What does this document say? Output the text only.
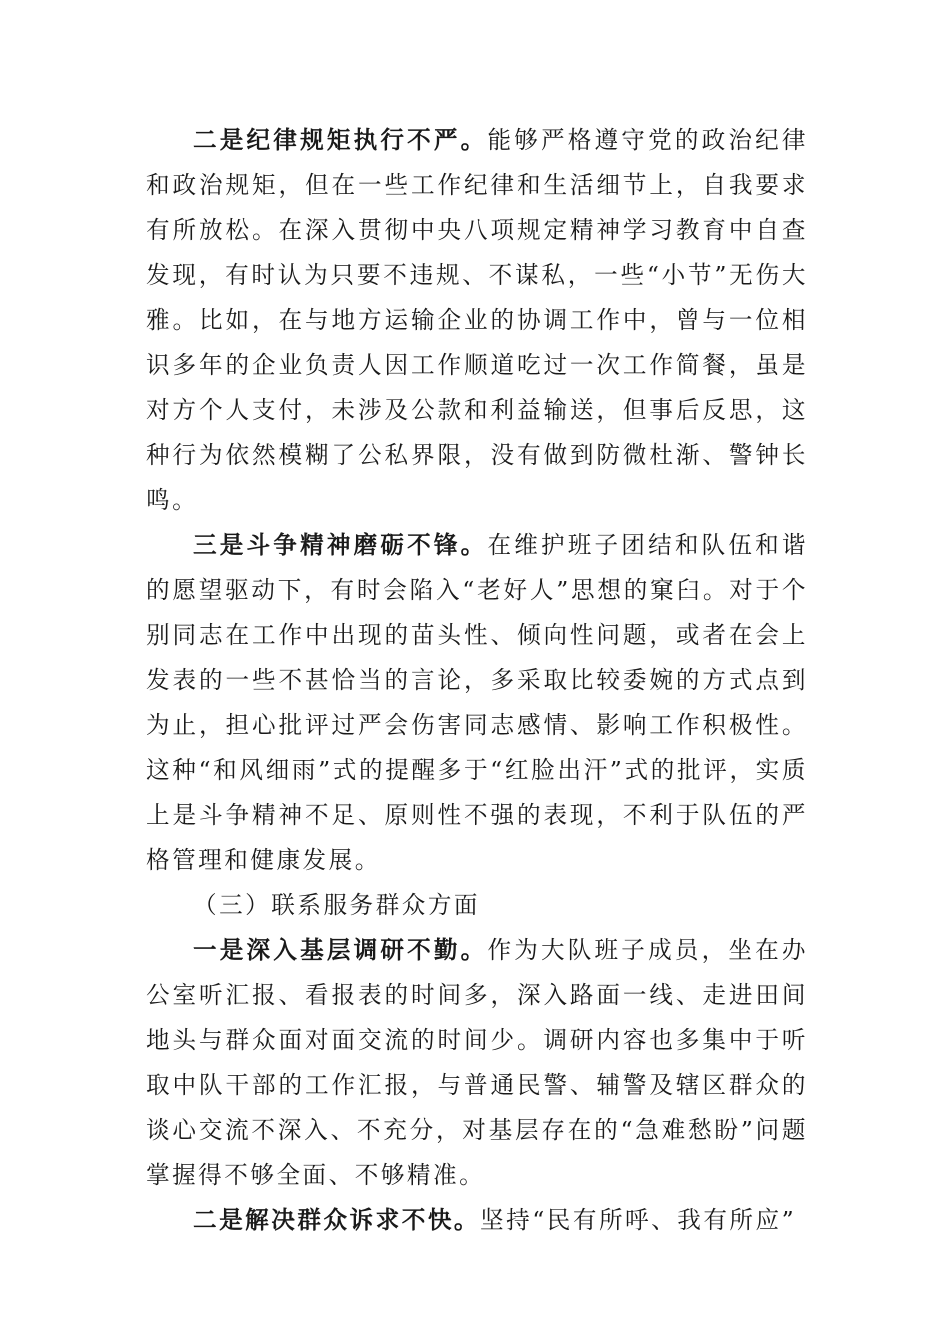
二是纪律规矩执行不严。能够严格遵守党的政治纪律和政治规矩，但在一些工作纪律和生活细节上，自我要求有所放松。在深入贯彻中央八项规定精神学习教育中自查发现，有时认为只要不违规、不谋私，一些“小节”无伤大雅。比如，在与地方运输企业的协调工作中，曾与一位相识多年的企业负责人因工作顺道吃过一次工作简餐，虽是对方个人支付，未涉及公款和利益输送，但事后反思，这种行为依然模糊了公私界限，没有做到防微杜渐、警钟长鸣。

三是斗争精神磨砺不锋。在维护班子团结和队伍和谐的愿望驱动下，有时会陷入“老好人”思想的窠臼。对于个别同志在工作中出现的苗头性、倾向性问题，或者在会上发表的一些不甚恰当的言论，多采取比较委婉的方式点到为止，担心批评过严会伤害同志感情、影响工作积极性。这种“和风细雨”式的提醒多于“红脸出汗”式的批评，实质上是斗争精神不足、原则性不强的表现，不利于队伍的严格管理和健康发展。

（三）联系服务群众方面

一是深入基层调研不勤。作为大队班子成员，坐在办公室听汇报、看报表的时间多，深入路面一线、走进田间地头与群众面对面交流的时间少。调研内容也多集中于听取中队干部的工作汇报，与普通民警、辅警及辖区群众的谈心交流不深入、不充分，对基层存在的“急难愁盼”问题掌握得不够全面、不够精准。

二是解决群众诉求不快。坚持“民有所呼、我有所应”
